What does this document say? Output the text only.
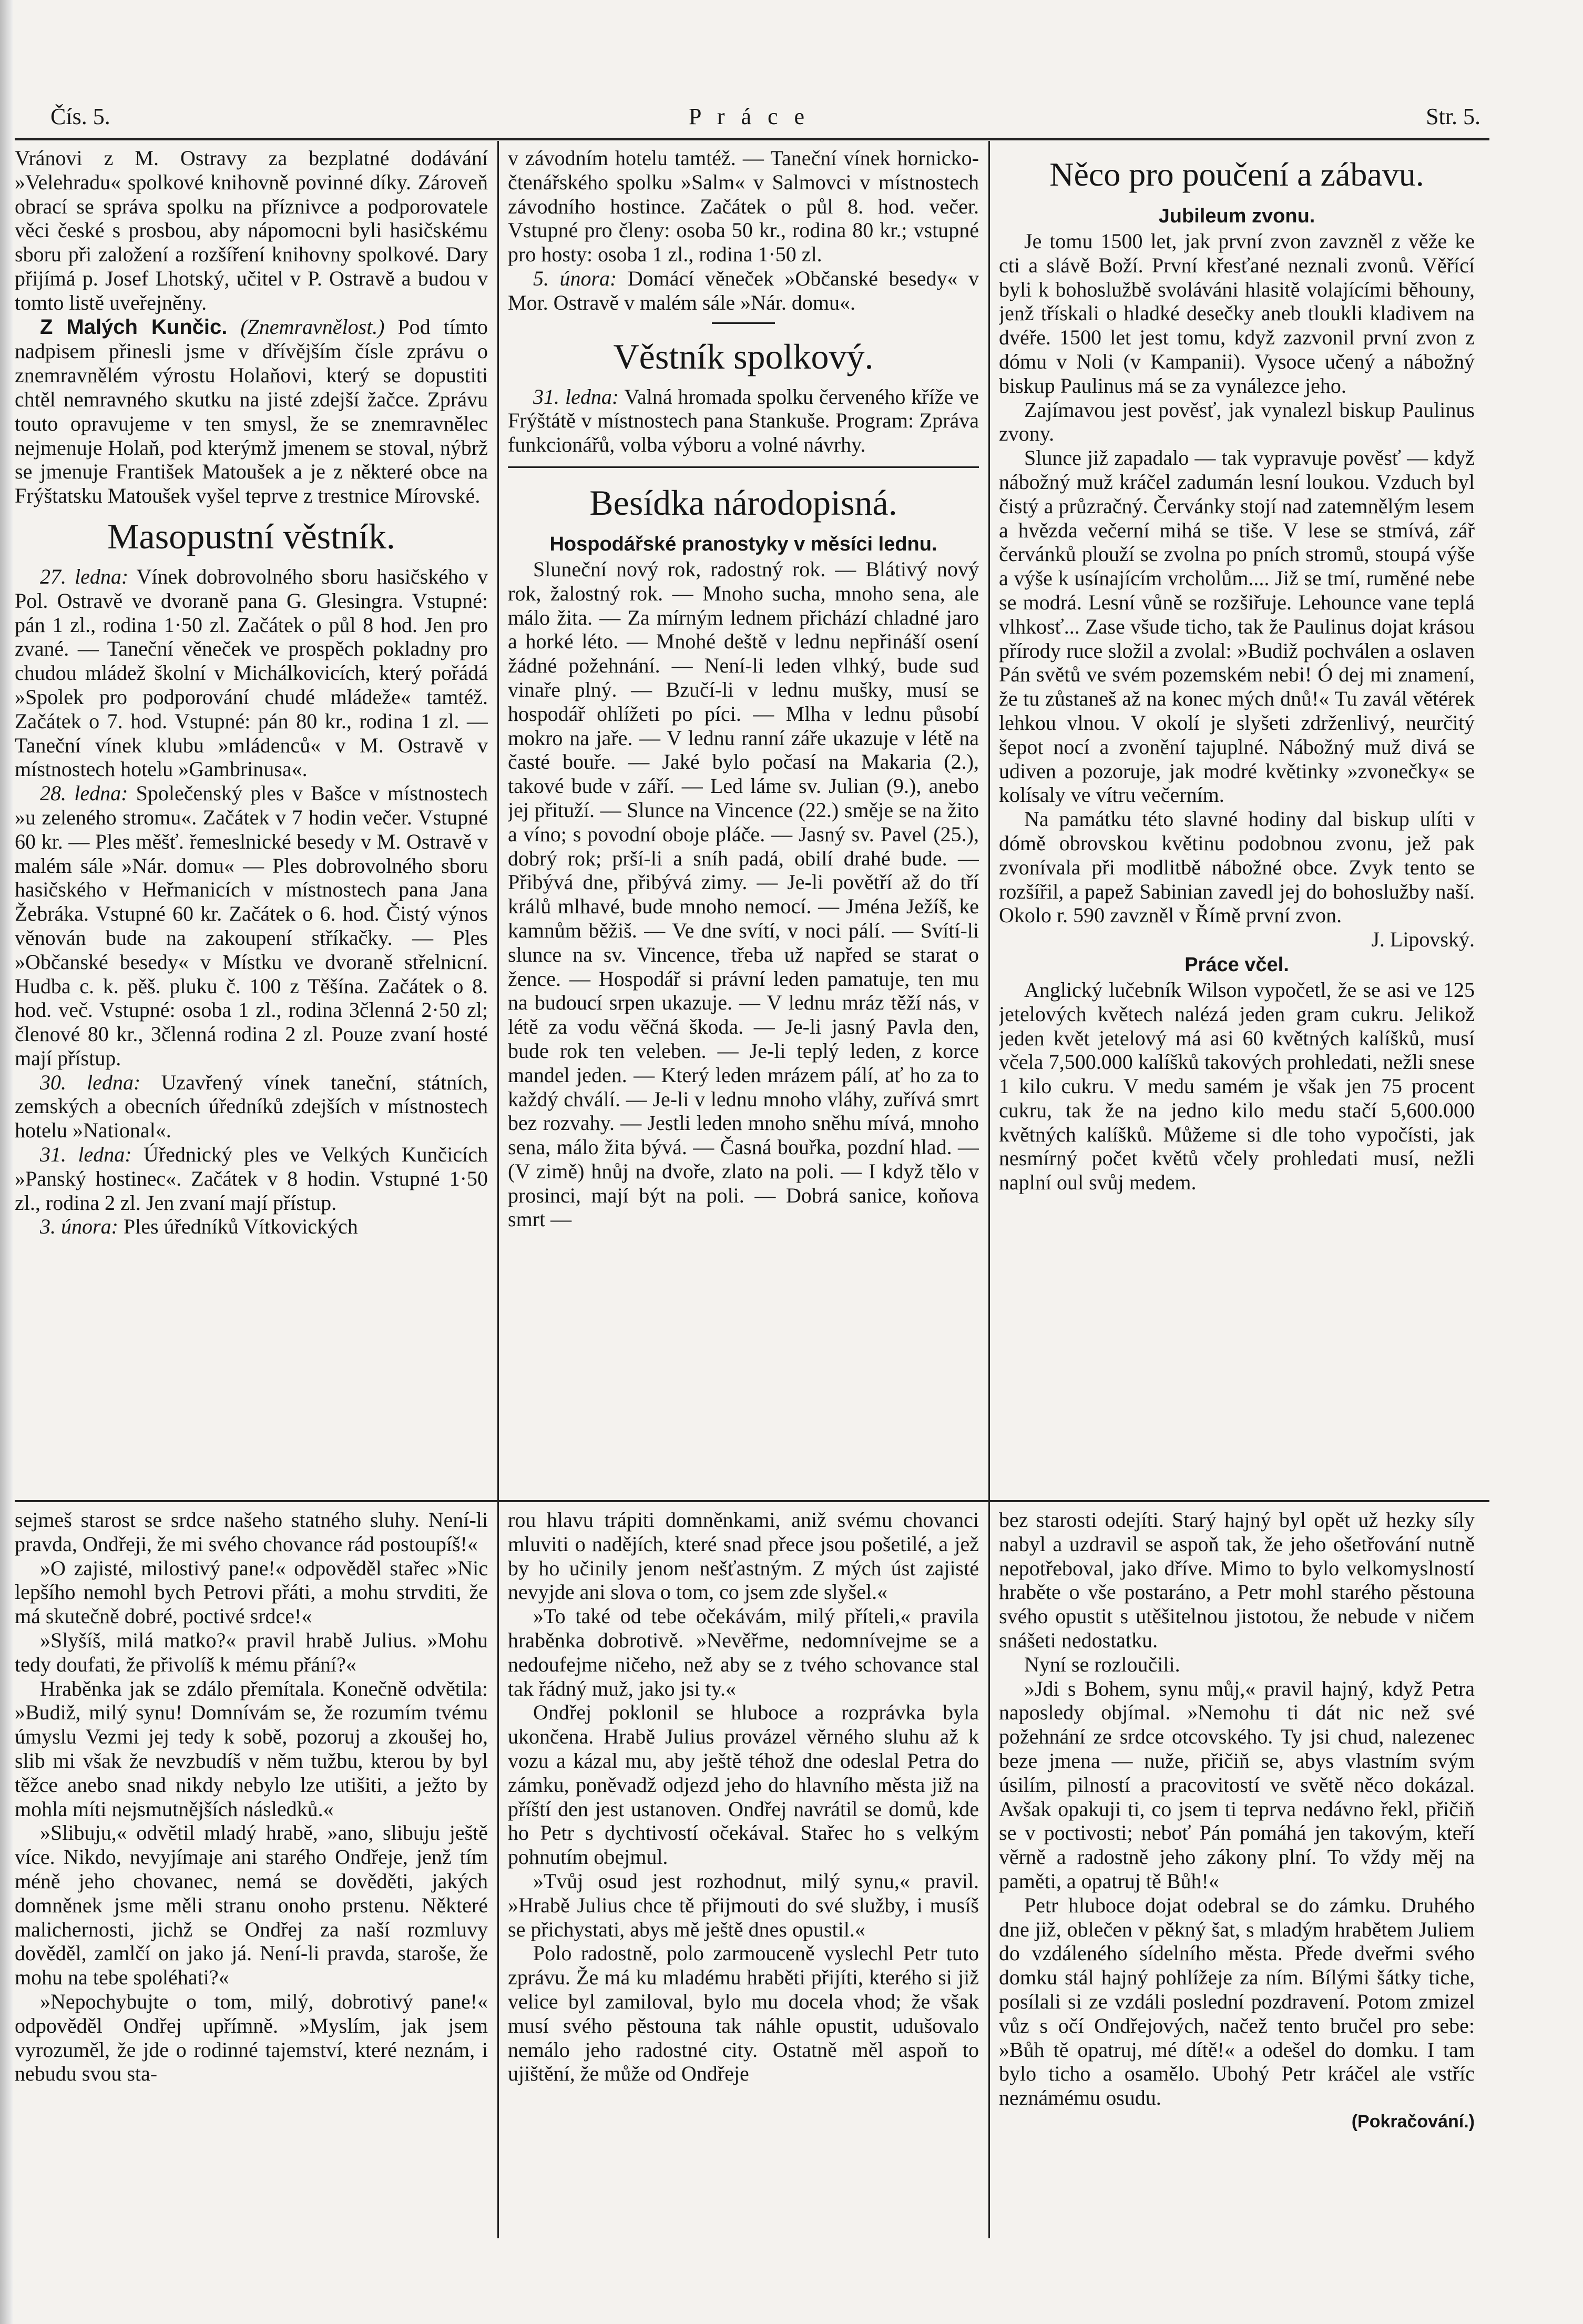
Čís. 5.	P r á c e	Str. 5.

Vránovi z M. Ostravy za bezplatné dodávání »Velehradu« spolkové knihovně povinné díky. Zároveň obrací se správa spolku na příznivce a podporovatele věci české s prosbou, aby nápomocni byli hasičskému sboru při založení a rozšíření knihovny spolkové. Dary přijímá p. Josef Lhotský, učitel v P. Ostravě a budou v tomto listě uveřejněny.

Z Malých Kunčic. (Znemravnělost.) Pod tímto nadpisem přinesli jsme v dřívějším čísle zprávu o znemravnělém výrostu Holaňovi, který se dopustiti chtěl nemravného skutku na jisté zdejší žačce. Zprávu touto opravujeme v ten smysl, že se znemravnělec nejmenuje Holaň, pod kterýmž jmenem se stoval, nýbrž se jmenuje František Matoušek a je z některé obce na Frýštatsku Matoušek vyšel teprve z trestnice Mírovské.

Masopustní věstník.

27. ledna: Vínek dobrovolného sboru hasičského v Pol. Ostravě ve dvoraně pana G. Glesingra. Vstupné: pán 1 zl., rodina 1·50 zl. Začátek o půl 8 hod. Jen pro zvané. — Taneční věneček ve prospěch pokladny pro chudou mládež školní v Michálkovicích, který pořádá »Spolek pro podporování chudé mládeže« tamtéž. Začátek o 7. hod. Vstupné: pán 80 kr., rodina 1 zl. — Taneční vínek klubu »mládenců« v M. Ostravě v místnostech hotelu »Gambrinusa«.

28. ledna: Společenský ples v Bašce v místnostech »u zeleného stromu«. Začátek v 7 hodin večer. Vstupné 60 kr. — Ples měšť. řemeslnické besedy v M. Ostravě v malém sále »Nár. domu« — Ples dobrovolného sboru hasičského v Heřmanicích v místnostech pana Jana Žebráka. Vstupné 60 kr. Začátek o 6. hod. Čistý výnos věnován bude na zakoupení stříkačky. — Ples »Občanské besedy« v Místku ve dvoraně střelnicní. Hudba c. k. pěš. pluku č. 100 z Těšína. Začátek o 8. hod. več. Vstupné: osoba 1 zl., rodina 3členná 2·50 zl; členové 80 kr., 3členná rodina 2 zl. Pouze zvaní hosté mají přístup.

30. ledna: Uzavřený vínek taneční, státních, zemských a obecních úředníků zdejších v místnostech hotelu »National«.

31. ledna: Úřednický ples ve Velkých Kunčicích »Panský hostinec«. Začátek v 8 hodin. Vstupné 1·50 zl., rodina 2 zl. Jen zvaní mají přístup.

3. února: Ples úředníků Vítkovických

v závodním hotelu tamtéž. — Taneční vínek hornicko-čtenářského spolku »Salm« v Salmovci v místnostech závodního hostince. Začátek o půl 8. hod. večer. Vstupné pro členy: osoba 50 kr., rodina 80 kr.; vstupné pro hosty: osoba 1 zl., rodina 1·50 zl.

5. února: Domácí věneček »Občanské besedy« v Mor. Ostravě v malém sále »Nár. domu«.

Věstník spolkový.

31. ledna: Valná hromada spolku červeného kříže ve Frýštátě v místnostech pana Stankuše. Program: Zpráva funkcionářů, volba výboru a volné návrhy.

Besídka národopisná.
Hospodářské pranostyky v měsíci lednu.

Sluneční nový rok, radostný rok. — Blátivý nový rok, žalostný rok. — Mnoho sucha, mnoho sena, ale málo žita. — Za mírným lednem přichází chladné jaro a horké léto. — Mnohé deště v lednu nepřináší osení žádné požehnání. — Není-li leden vlhký, bude sud vinaře plný. — Bzučí-li v lednu mušky, musí se hospodář ohlížeti po píci. — Mlha v lednu působí mokro na jaře. — V lednu ranní záře ukazuje v létě na časté bouře. — Jaké bylo počasí na Makaria (2.), takové bude v září. — Led láme sv. Julian (9.), anebo jej přituží. — Slunce na Vincence (22.) směje se na žito a víno; s povodní oboje pláče. — Jasný sv. Pavel (25.), dobrý rok; prší-li a sníh padá, obilí drahé bude. — Přibývá dne, přibývá zimy. — Je-li povětří až do tří králů mlhavé, bude mnoho nemocí. — Jména Ježíš, ke kamnům běžiš. — Ve dne svítí, v noci pálí. — Svítí-li slunce na sv. Vincence, třeba už napřed se starat o žence. — Hospodář si právní leden pamatuje, ten mu na budoucí srpen ukazuje. — V lednu mráz těží nás, v létě za vodu věčná škoda. — Je-li jasný Pavla den, bude rok ten veleben. — Je-li teplý leden, z korce mandel jeden. — Který leden mrázem pálí, ať ho za to každý chválí. — Je-li v lednu mnoho vláhy, zuřívá smrt bez rozvahy. — Jestli leden mnoho sněhu mívá, mnoho sena, málo žita bývá. — Časná bouřka, pozdní hlad. — (V zimě) hnůj na dvoře, zlato na poli. — I když tělo v prosinci, mají být na poli. — Dobrá sanice, koňova smrt —

Něco pro poučení a zábavu.
Jubileum zvonu.

Je tomu 1500 let, jak první zvon zavzněl z věže ke cti a slávě Boží. První křesťané neznali zvonů. Věřící byli k bohoslužbě svoláváni hlasitě volajícími běhouny, jenž třískali o hladké desečky aneb tloukli kladivem na dvéře. 1500 let jest tomu, když zazvonil první zvon z dómu v Noli (v Kampanii). Vysoce učený a nábožný biskup Paulinus má se za vynálezce jeho.

Zajímavou jest pověsť, jak vynalezl biskup Paulinus zvony.

Slunce již zapadalo — tak vypravuje pověsť — když nábožný muž kráčel zadumán lesní loukou. Vzduch byl čistý a průzračný. Červánky stojí nad zatemnělým lesem a hvězda večerní mihá se tiše. V lese se stmívá, zář červánků plouží se zvolna po pních stromů, stoupá výše a výše k usínajícím vrcholům.... Již se tmí, ruměné nebe se modrá. Lesní vůně se rozšiřuje. Lehounce vane teplá vlhkosť... Zase všude ticho, tak že Paulinus dojat krásou přírody ruce složil a zvolal: »Budiž pochválen a oslaven Pán světů ve svém pozemském nebi! Ó dej mi znamení, že tu zůstaneš až na konec mých dnů!« Tu zavál větérek lehkou vlnou. V okolí je slyšeti zdrženlivý, neurčitý šepot nocí a zvonění tajuplné. Nábožný muž divá se udiven a pozoruje, jak modré květinky »zvonečky« se kolísaly ve vítru večerním.

Na památku této slavné hodiny dal biskup ulíti v dómě obrovskou květinu podobnou zvonu, jež pak zvonívala při modlitbě nábožné obce. Zvyk tento se rozšířil, a papež Sabinian zavedl jej do bohoslužby naší. Okolo r. 590 zavzněl v Římě první zvon.

J. Lipovský.

Práce včel.

Anglický lučebník Wilson vypočetl, že se asi ve 125 jetelových květech nalézá jeden gram cukru. Jelikož jeden květ jetelový má asi 60 květných kalíšků, musí včela 7,500.000 kalíšků takových prohledati, nežli snese 1 kilo cukru. V medu samém je však jen 75 procent cukru, tak že na jedno kilo medu stačí 5,600.000 květných kalíšků. Můžeme si dle toho vypočísti, jak nesmírný počet květů včely prohledati musí, nežli naplní oul svůj medem.

sejmeš starost se srdce našeho statného sluhy. Není-li pravda, Ondřeji, že mi svého chovance rád postoupíš!«

»O zajisté, milostivý pane!« odpověděl stařec »Nic lepšího nemohl bych Petrovi přáti, a mohu strvditi, že má skutečně dobré, poctivé srdce!«

»Slyšíš, milá matko?« pravil hrabě Julius. »Mohu tedy doufati, že přivolíš k mému přání?«

Hraběnka jak se zdálo přemítala. Konečně odvětila: »Budiž, milý synu! Domnívám se, že rozumím tvému úmyslu Vezmi jej tedy k sobě, pozoruj a zkoušej ho, slib mi však že nevzbudíš v něm tužbu, kterou by byl těžce anebo snad nikdy nebylo lze utišiti, a ježto by mohla míti nejsmutnějších následků.«

»Slibuju,« odvětil mladý hrabě, »ano, slibuju ještě více. Nikdo, nevyjímaje ani starého Ondřeje, jenž tím méně jeho chovanec, nemá se dověděti, jakých domněnek jsme měli stranu onoho prstenu. Některé malichernosti, jichž se Ondřej za naší rozmluvy dověděl, zamlčí on jako já. Není-li pravda, staroše, že mohu na tebe spoléhati?«

»Nepochybujte o tom, milý, dobrotivý pane!« odpověděl Ondřej upřímně. »Myslím, jak jsem vyrozuměl, že jde o rodinné tajemství, které neznám, i nebudu svou sta-

rou hlavu trápiti domněnkami, aniž svému chovanci mluviti o nadějích, které snad přece jsou pošetilé, a jež by ho učinily jenom nešťastným. Z mých úst zajisté nevyjde ani slova o tom, co jsem zde slyšel.«

»To také od tebe očekávám, milý příteli,« pravila hraběnka dobrotivě. »Nevěřme, nedomnívejme se a nedoufejme ničeho, než aby se z tvého schovance stal tak řádný muž, jako jsi ty.«

Ondřej poklonil se hluboce a rozprávka byla ukončena. Hrabě Julius provázel věrného sluhu až k vozu a kázal mu, aby ještě téhož dne odeslal Petra do zámku, poněvadž odjezd jeho do hlavního města již na příští den jest ustanoven. Ondřej navrátil se domů, kde ho Petr s dychtivostí očekával. Stařec ho s velkým pohnutím obejmul.

»Tvůj osud jest rozhodnut, milý synu,« pravil. »Hrabě Julius chce tě přijmouti do své služby, i musíš se přichystati, abys mě ještě dnes opustil.«

Polo radostně, polo zarmouceně vyslechl Petr tuto zprávu. Že má ku mladému hraběti přijíti, kterého si již velice byl zamiloval, bylo mu docela vhod; že však musí svého pěstouna tak náhle opustit, udušovalo nemálo jeho radostné city. Ostatně měl aspoň to ujištění, že může od Ondřeje

bez starosti odejíti. Starý hajný byl opět už hezky síly nabyl a uzdravil se aspoň tak, že jeho ošetřování nutně nepotřeboval, jako dříve. Mimo to bylo velkomyslností hraběte o vše postaráno, a Petr mohl starého pěstouna svého opustit s utěšitelnou jistotou, že nebude v ničem snášeti nedostatku.

Nyní se rozloučili.

»Jdi s Bohem, synu můj,« pravil hajný, když Petra naposledy objímal. »Nemohu ti dát nic než své požehnání ze srdce otcovského. Ty jsi chud, nalezenec beze jmena — nuže, přičiň se, abys vlastním svým úsilím, pilností a pracovitostí ve světě něco dokázal. Avšak opakuji ti, co jsem ti teprva nedávno řekl, přičiň se v poctivosti; neboť Pán pomáhá jen takovým, kteří věrně a radostně jeho zákony plní. To vždy měj na paměti, a opatruj tě Bůh!«

Petr hluboce dojat odebral se do zámku. Druhého dne již, oblečen v pěkný šat, s mladým hrabětem Juliem do vzdáleného sídelního města. Přede dveřmi svého domku stál hajný pohlížeje za ním. Bílými šátky tiche, posílali si ze vzdáli poslední pozdravení. Potom zmizel vůz s očí Ondřejových, načež tento bručel pro sebe: »Bůh tě opatruj, mé dítě!« a odešel do domku. I tam bylo ticho a osamělo. Ubohý Petr kráčel ale vstříc neznámému osudu.

(Pokračování.)
